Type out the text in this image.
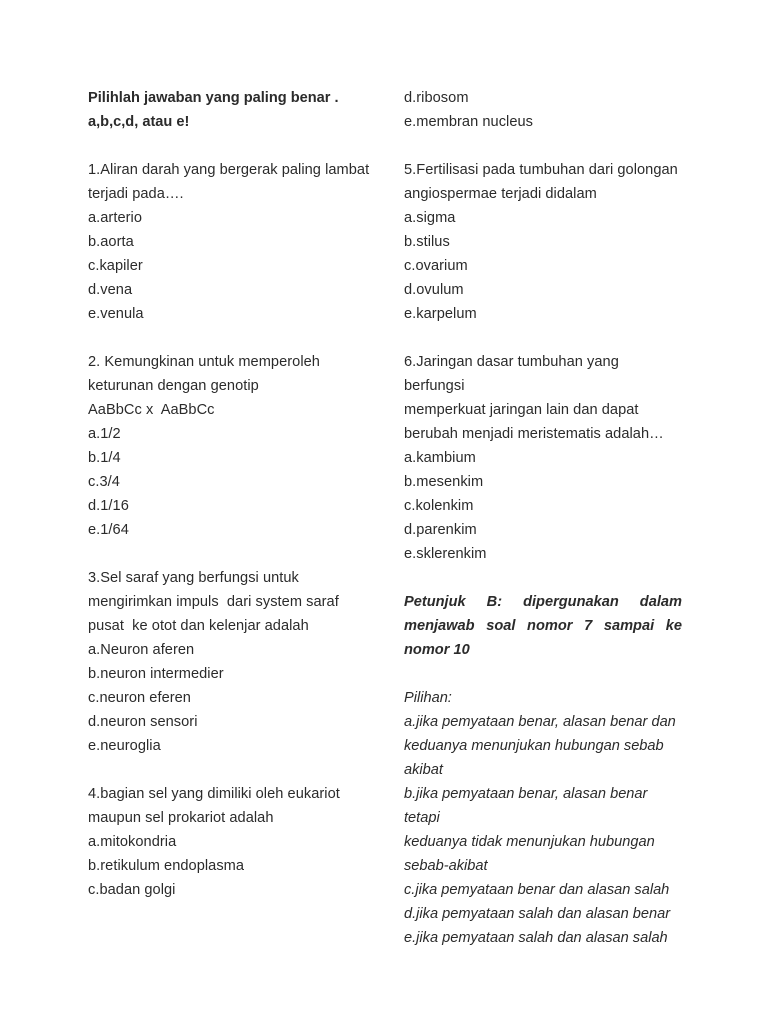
Pilihlah jawaban yang paling benar .
a,b,c,d, atau e!
1.Aliran darah yang bergerak paling lambat
terjadi pada….
a.arterio
b.aorta
c.kapiler
d.vena
e.venula
2. Kemungkinan untuk memperoleh
keturunan dengan genotip
AaBbCc x  AaBbCc
a.1/2
b.1/4
c.3/4
d.1/16
e.1/64
3.Sel saraf yang berfungsi untuk
mengirimkan impuls  dari system saraf
pusat  ke otot dan kelenjar adalah
a.Neuron aferen
b.neuron intermedier
c.neuron eferen
d.neuron sensori
e.neuroglia
4.bagian sel yang dimiliki oleh eukariot
maupun sel prokariot adalah
a.mitokondria
b.retikulum endoplasma
c.badan golgi
d.ribosom
e.membran nucleus
5.Fertilisasi pada tumbuhan dari golongan
angiospermae terjadi didalam
a.sigma
b.stilus
c.ovarium
d.ovulum
e.karpelum
6.Jaringan dasar tumbuhan yang berfungsi
memperkuat jaringan lain dan dapat
berubah menjadi meristematis adalah…
a.kambium
b.mesenkim
c.kolenkim
d.parenkim
e.sklerenkim
Petunjuk B: dipergunakan dalam menjawab soal nomor 7 sampai ke nomor 10
Pilihan:
a.jika pemyataan benar, alasan benar dan
keduanya menunjukan hubungan sebab
akibat
b.jika pemyataan benar, alasan benar tetapi
keduanya tidak menunjukan hubungan
sebab-akibat
c.jika pemyataan benar dan alasan salah
d.jika pemyataan salah dan alasan benar
e.jika pemyataan salah dan alasan salah
